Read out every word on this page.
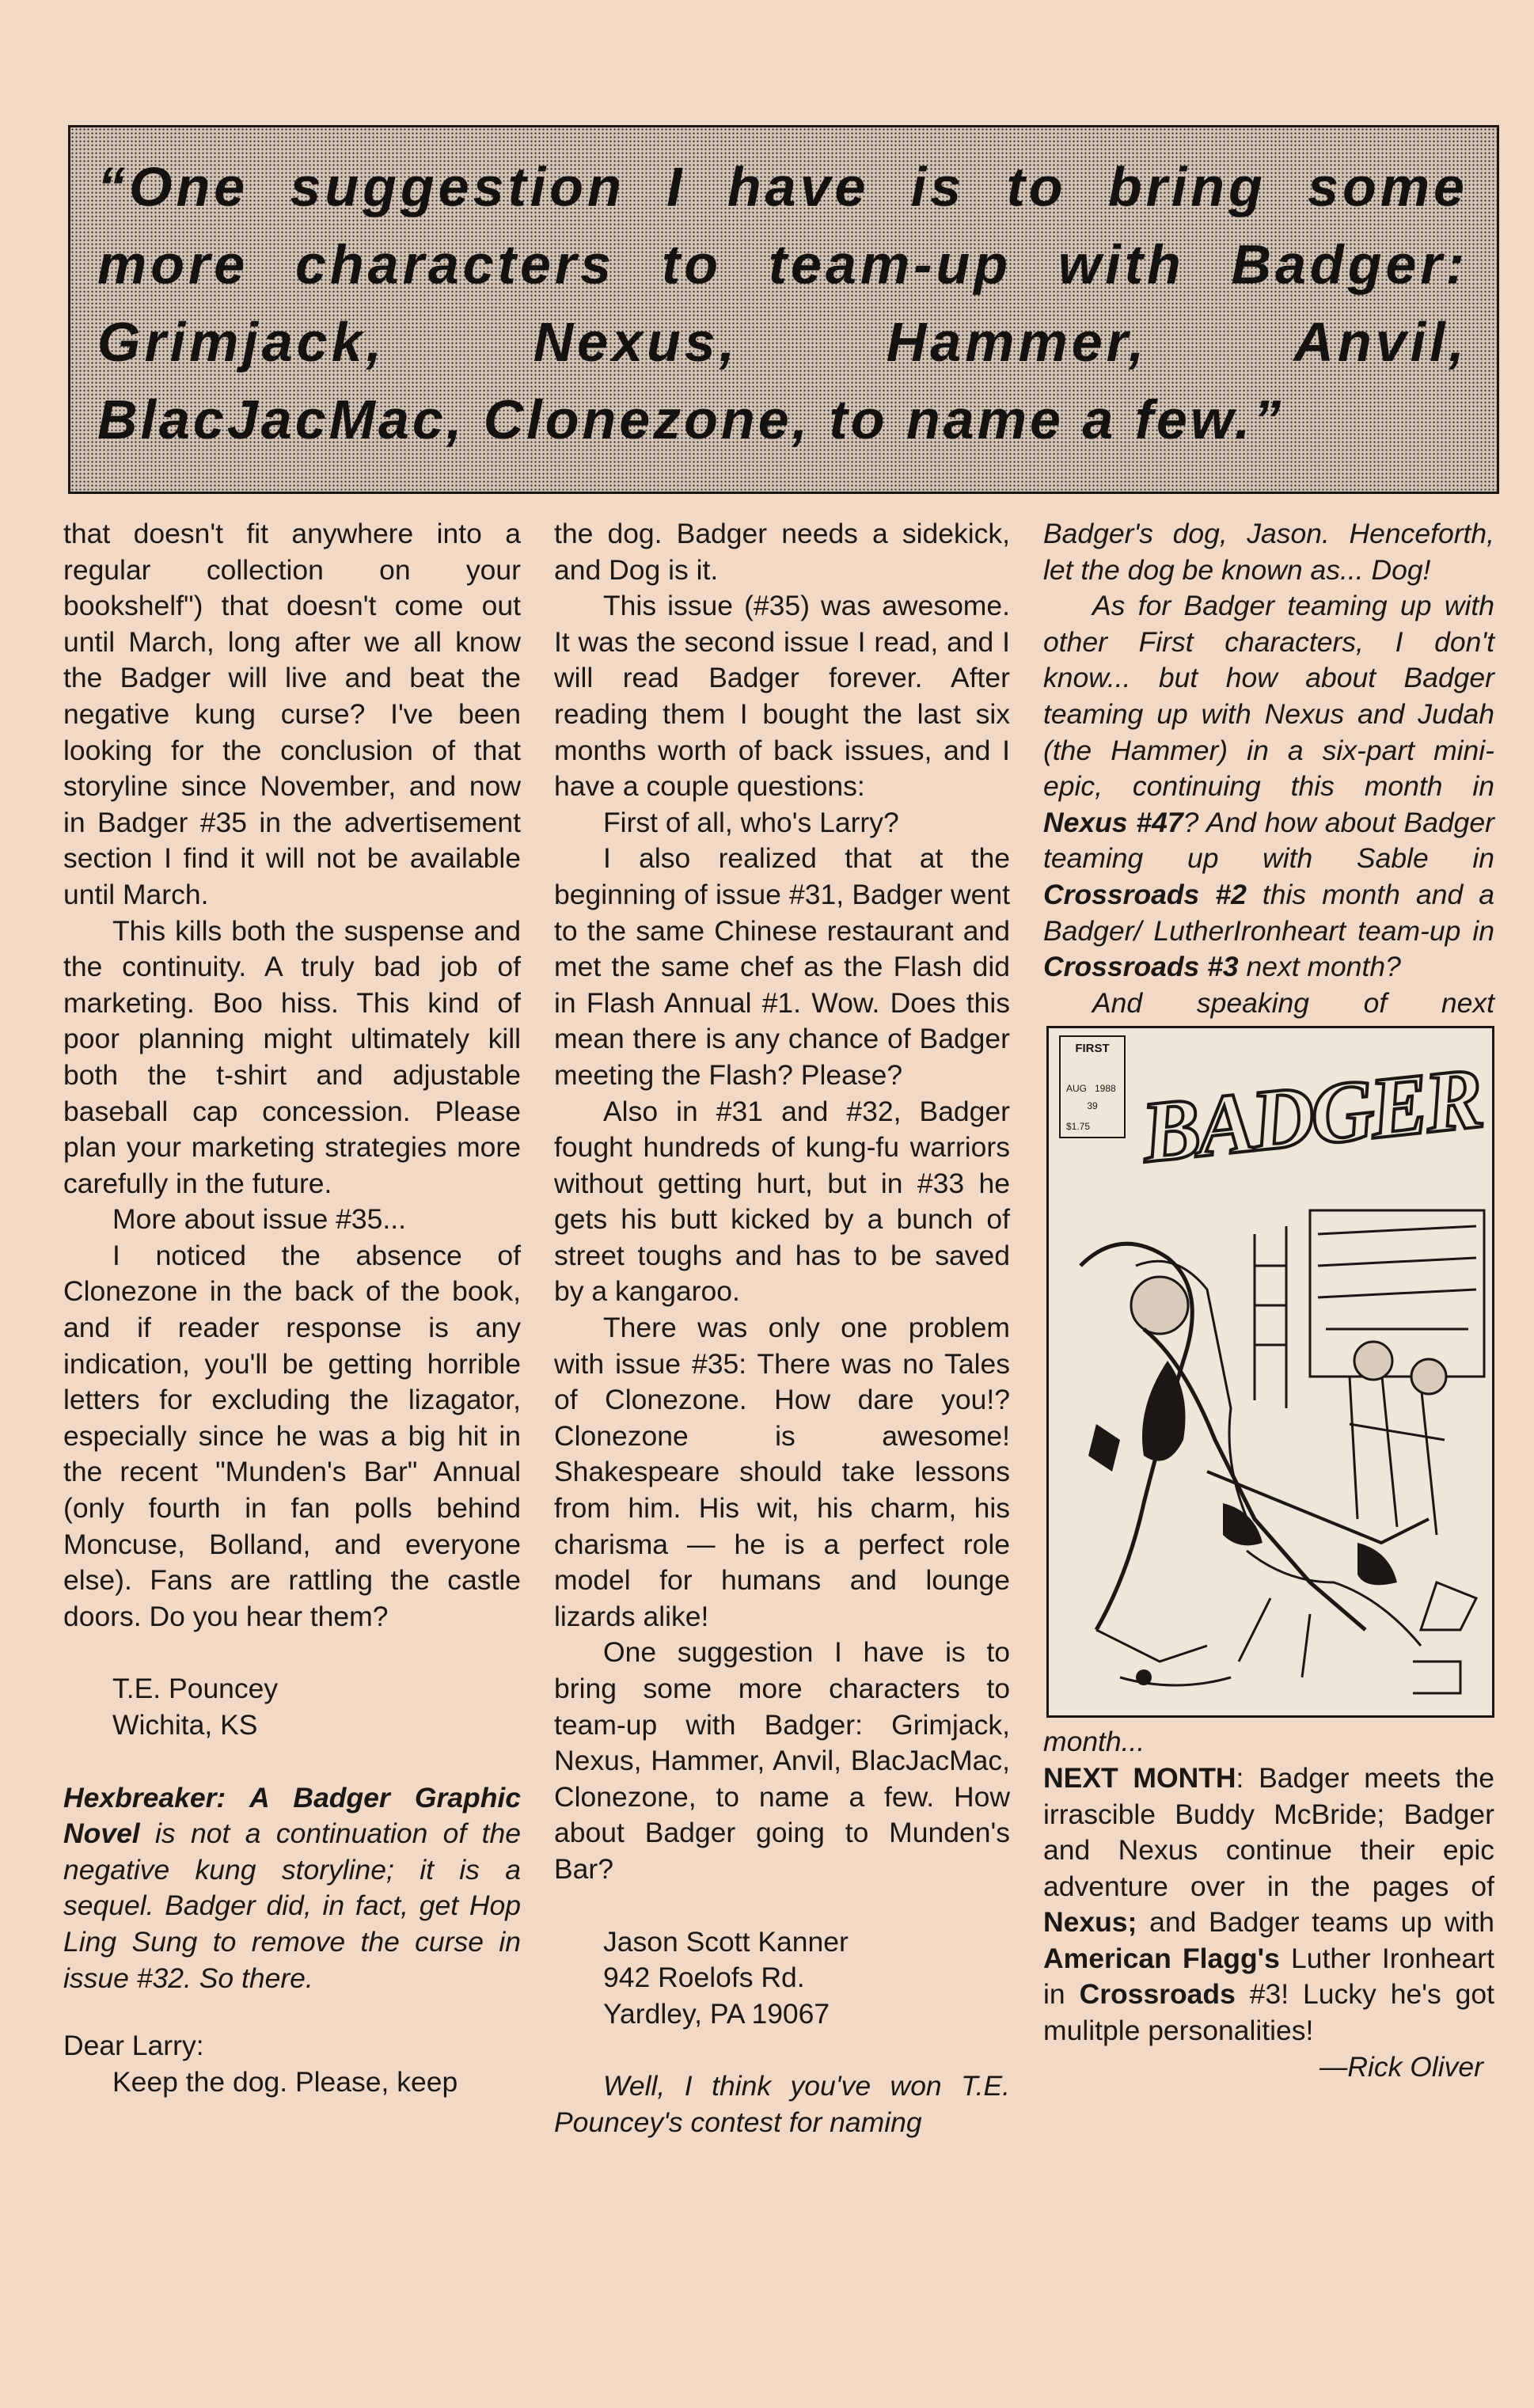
“One suggestion I have is to bring some
more characters to team-up with Badger:
Grimjack, Nexus, Hammer, Anvil,
BlacJacMac, Clonezone, to name a few.”

that doesn't fit anywhere into a regular collection on your bookshelf") that doesn't come out until March, long after we all know the Badger will live and beat the negative kung curse? I've been looking for the conclusion of that storyline since November, and now in Badger #35 in the advertisement section I find it will not be available until March.

This kills both the suspense and the continuity. A truly bad job of marketing. Boo hiss. This kind of poor planning might ultimately kill both the t-shirt and adjustable baseball cap concession. Please plan your marketing strategies more carefully in the future.

More about issue #35...

I noticed the absence of Clonezone in the back of the book, and if reader response is any indication, you'll be getting horrible letters for excluding the lizagator, especially since he was a big hit in the recent "Munden's Bar" Annual (only fourth in fan polls behind Moncuse, Bolland, and everyone else). Fans are rattling the castle doors. Do you hear them?

T.E. Pouncey

Wichita, KS

Hexbreaker: A Badger Graphic Novel is not a continuation of the negative kung storyline; it is a sequel. Badger did, in fact, get Hop Ling Sung to remove the curse in issue #32. So there.

Dear Larry:

Keep the dog. Please, keep

the dog. Badger needs a sidekick, and Dog is it.

This issue (#35) was awesome. It was the second issue I read, and I will read Badger forever. After reading them I bought the last six months worth of back issues, and I have a couple questions:

First of all, who's Larry?

I also realized that at the beginning of issue #31, Badger went to the same Chinese restaurant and met the same chef as the Flash did in Flash Annual #1. Wow. Does this mean there is any chance of Badger meeting the Flash? Please?

Also in #31 and #32, Badger fought hundreds of kung-fu warriors without getting hurt, but in #33 he gets his butt kicked by a bunch of street toughs and has to be saved by a kangaroo.

There was only one problem with issue #35: There was no Tales of Clonezone. How dare you!? Clonezone is awesome! Shakespeare should take lessons from him. His wit, his charm, his charisma — he is a perfect role model for humans and lounge lizards alike!

One suggestion I have is to bring some more characters to team-up with Badger: Grimjack, Nexus, Hammer, Anvil, BlacJacMac, Clonezone, to name a few. How about Badger going to Munden's Bar?

Jason Scott Kanner

942 Roelofs Rd.

Yardley, PA 19067

Well, I think you've won T.E. Pouncey's contest for naming

Badger's dog, Jason. Henceforth, let the dog be known as... Dog!

As for Badger teaming up with other First characters, I don't know... but how about Badger teaming up with Nexus and Judah (the Hammer) in a six-part mini-epic, continuing this month in Nexus #47? And how about Badger teaming up with Sable in Crossroads #2 this month and a Badger/ LutherIronheart team-up in Crossroads #3 next month?

And speaking of next

FIRST
AUG 1988
39
$1.75 BADGER

month...

NEXT MONTH: Badger meets the irrascible Buddy McBride; Badger and Nexus continue their epic adventure over in the pages of Nexus; and Badger teams up with American Flagg's Luther Ironheart in Crossroads #3! Lucky he's got mulitple personalities!

—Rick Oliver
